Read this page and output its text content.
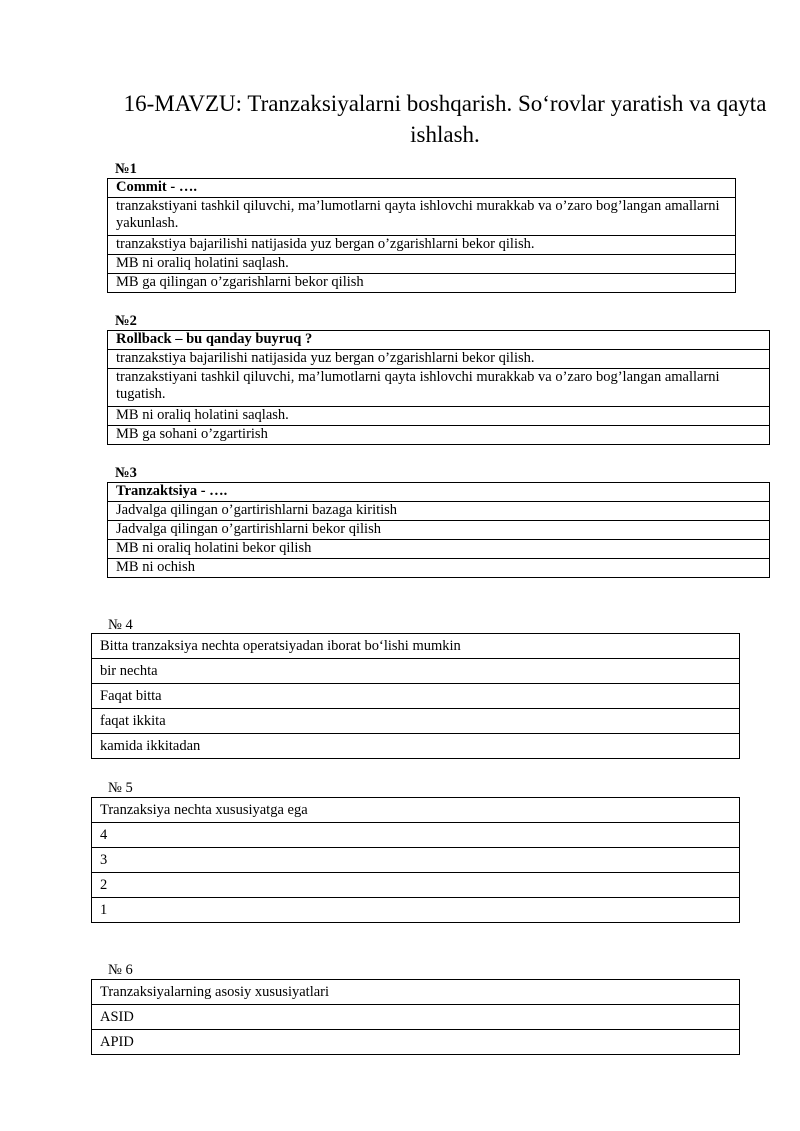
16-MAVZU: Tranzaksiyalarni boshqarish. So‘rovlar yaratish va qayta ishlash.
№1
Commit - ….
tranzakstiyani tashkil qiluvchi, ma’lumotlarni qayta ishlovchi murakkab va o’zaro bog’langan amallarni yakunlash.
tranzakstiya bajarilishi natijasida yuz bergan o’zgarishlarni bekor qilish.
MB ni oraliq holatini saqlash.
MB ga qilingan o’zgarishlarni bekor qilish
№2
Rollback – bu qanday buyruq ?
tranzakstiya bajarilishi natijasida yuz bergan o’zgarishlarni bekor qilish.
tranzakstiyani tashkil qiluvchi, ma’lumotlarni qayta ishlovchi murakkab va o’zaro bog’langan amallarni tugatish.
MB ni oraliq holatini saqlash.
MB ga sohani o’zgartirish
№3
Tranzaktsiya - ….
Jadvalga qilingan o’gartirishlarni bazaga kiritish
Jadvalga qilingan o’gartirishlarni bekor qilish
MB ni oraliq holatini bekor qilish
MB ni ochish
№ 4
Bitta tranzaksiya nechta operatsiyadan iborat bo‘lishi mumkin
bir nechta
Faqat bitta
faqat ikkita
kamida ikkitadan
№ 5
Tranzaksiya nechta xususiyatga ega
4
3
2
1
№ 6
Tranzaksiyalarning asosiy xususiyatlari
ASID
APID
